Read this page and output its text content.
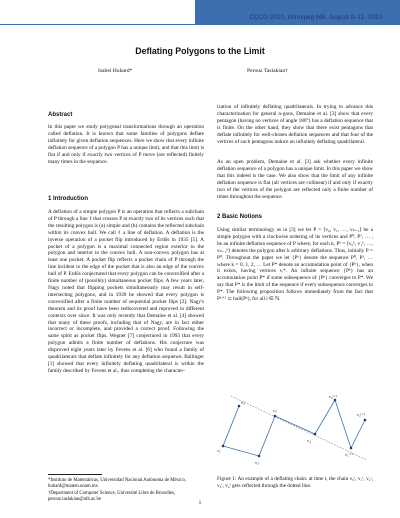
CCCG 2010, Winnipeg MB, August 9–11, 2010
Deflating Polygons to the Limit
Isabel Hubard*	Perouz Taslakian†
Abstract
In this paper we study polygonal transformations through an operation called deflation. It is known that some families of polygons deflate infinitely for given deflation sequences. Here we show that every infinite deflation sequence of a polygon P has a unique limit, and that this limit is flat if and only if exactly two vertices of P move (are reflected) finitely many times in the sequence.
1 Introduction
A deflation of a simple polygon P is an operation that reflects a subchain of P through a line ℓ that crosses P at exactly two of its vertices such that the resulting polygon is (a) simple and (b) contains the reflected subchain within its convex hull. We call ℓ a line of deflation. A deflation is the inverse operation of a pocket flip introduced by Erdős in 1935 [5]. A pocket of a polygon is a maximal connected region exterior to the polygon and interior to the convex hull. A non-convex polygon has at least one pocket. A pocket flip reflects a pocket chain of P through the line incident to the edge of the pocket that is also an edge of the convex hull of P. Erdős conjectured that every polygon can be convexified after a finite number of (possibly) simultaneous pocket flips. A few years later, Nagy noted that flipping pockets simultaneously may result in self-intersecting polygons, and in 1939 he showed that every polygon is convexified after a finite number of sequential pocket flips [2]. Nagy's theorem and its proof have been rediscovered and reproved in different contexts over since. It was only recently that Demaine et al. [4] showed that many of these proofs, including that of Nagy, are in fact either incorrect or incomplete, and provided a correct proof. Following the same spirit as pocket flips, Wegner [7] conjectured in 1993 that every polygon admits a finite number of deflations. His conjecture was disproved eight years later by Fevens et al. [6] who found a family of quadrilaterals that deflate infinitely for any deflation sequence. Ballinger [1] showed that every infinitely deflating quadrilateral is within the family described by Fevens et al., thus completing the character-
*Instituto de Matemáticas, Universidad Nacional Autónoma de México, hubard@matem.unam.mx
†Department of Computer Science, Université Libre de Bruxelles, perouz.taslakian@ulb.ac.be
ization of infinitely deflating quadrilaterals. In trying to advance this characterization for general n-gons, Demaine et al. [3] show that every pentagon (having no vertices of angle 180°) has a deflation sequence that is finite. On the other hand, they show that there exist pentagons that deflate infinitely for well-chosen deflation sequences and that four of the vertices of such pentagons induce an infinitely deflating quadrilateral.
As an open problem, Demaine et al. [3] ask whether every infinite deflation sequence of a polygon has a unique limit. In this paper we show that this indeed is the case. We also show that the limit of any infinite deflation sequence is flat (all vertices are collinear) if and only if exactly two of the vertices of the polygon are reflected only a finite number of times throughout the sequence.
2 Basic Notions
Using similar terminology as in [3] we let P = ⟨v₀, v₁, …, vₙ₋₁⟩ be a simple polygon with a clockwise ordering of its vertices and P⁰, P¹, … , be an infinite deflation sequence of P where, for each k, Pᵏ = ⟨v₀ᵏ, v₁ᵏ, …, vₙ₋₁ᵏ⟩ denotes the polygon after k arbitrary deflations. Thus, initially P = P⁰. Throughout the paper we let {Pᵏ} denote the sequence P⁰, P¹, … where k = 0, 1, 2, … Let P* denote an accumulation point of {Pᵏ}, when it exists, having vertices vᵢ*. An infinite sequence {Pᵏ} has an accumulation point P* if some subsequence of {Pᵏ} converges to P*. We say that P* is the limit of the sequence if every subsequence converges to P*. The following proposition follows immediately from the fact that Pᵏ⁺¹ ⊂ hull(Pᵏ), for all i ∈ ℕ.
v₀ᵗ
v₁ᵗ
v₂ᵗ
v₃ᵗ
v₄ᵗ
v₀ᵗ⁺¹
v₁ᵗ⁺¹
v₂ᵗ⁺¹
Figure 1: An example of a deflating chain: at time t, the chain v₀ᵗ, v₁ᵗ, v₂ᵗ, v₃ᵗ, v₄ᵗ gets reflected through the dotted line.
1
